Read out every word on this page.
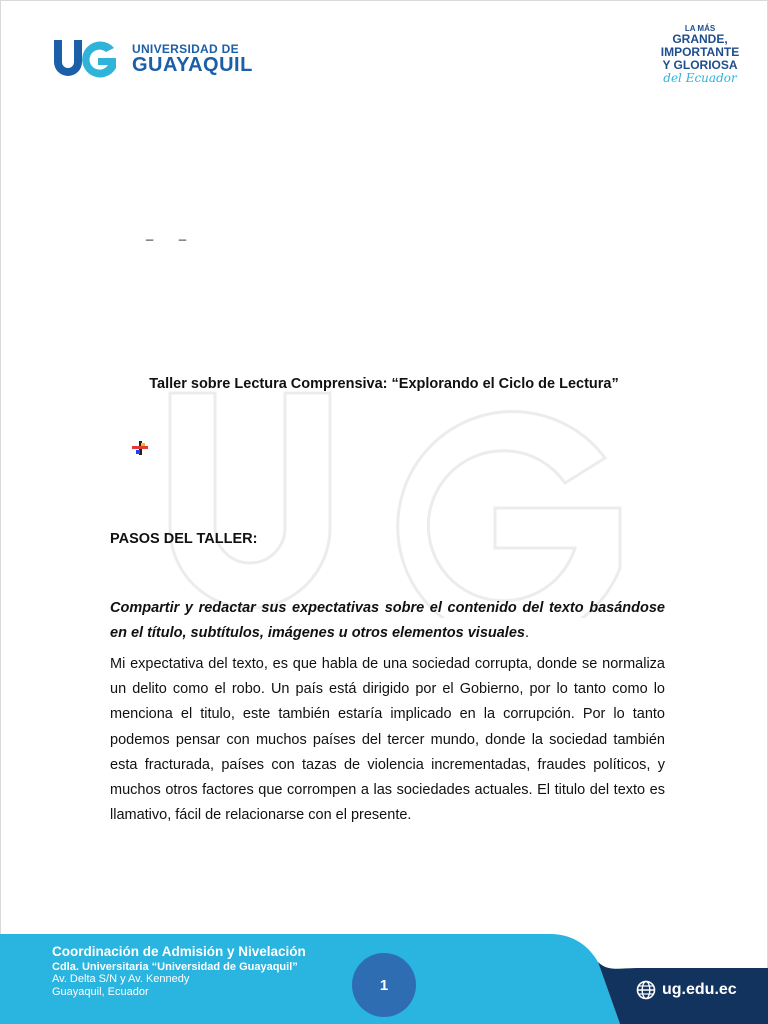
UNIVERSIDAD DE
GUAYAQUIL
LA MÁS
GRANDE,
IMPORTANTE
Y GLORIOSA
del Ecuador
_ _
Taller sobre Lectura Comprensiva: “Explorando el Ciclo de Lectura”
PASOS DEL TALLER:
Compartir y redactar sus expectativas sobre el contenido del texto basándose en el título, subtítulos, imágenes u otros elementos visuales.
Mi expectativa del texto, es que habla de una sociedad corrupta, donde se normaliza un delito como el robo. Un país está dirigido por el Gobierno, por lo tanto como lo menciona el titulo, este también estaría implicado en la corrupción. Por lo tanto podemos pensar con muchos países del tercer mundo, donde la sociedad también esta fracturada, países con tazas de violencia incrementadas, fraudes políticos, y muchos otros factores que corrompen a las sociedades actuales. El titulo del texto es llamativo, fácil de relacionarse con el presente.
Coordinación de Admisión y Nivelación
Cdla. Universitaria “Universidad de Guayaquil”
Av. Delta S/N y Av. Kennedy
Guayaquil, Ecuador	1	ug.edu.ec
